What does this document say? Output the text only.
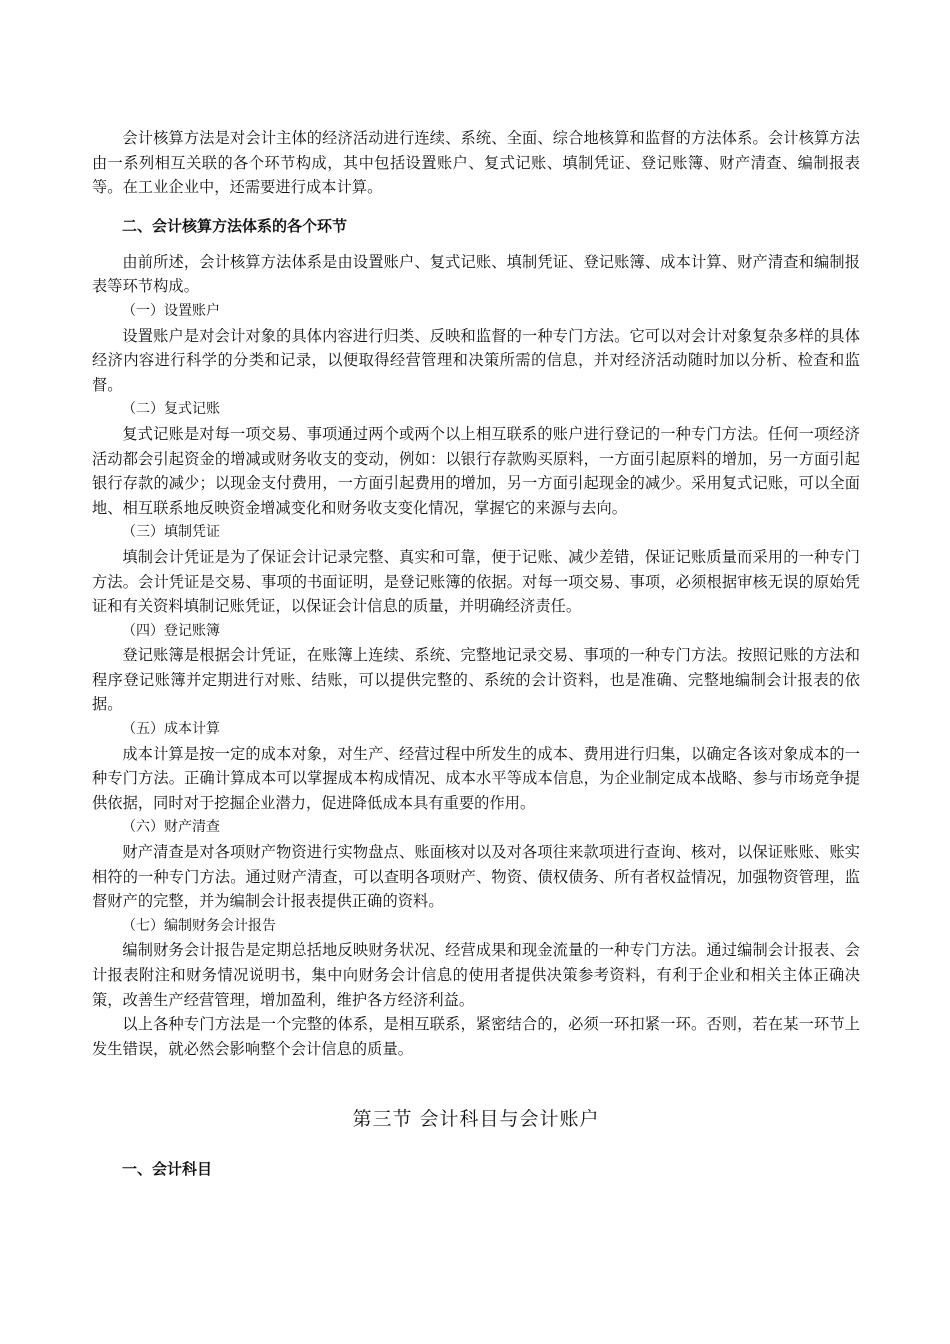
会计核算方法是对会计主体的经济活动进行连续、系统、全面、综合地核算和监督的方法体系。会计核算方法由一系列相互关联的各个环节构成，其中包括设置账户、复式记账、填制凭证、登记账簿、财产清查、编制报表等。在工业企业中，还需要进行成本计算。

二、会计核算方法体系的各个环节

由前所述，会计核算方法体系是由设置账户、复式记账、填制凭证、登记账簿、成本计算、财产清查和编制报表等环节构成。

（一）设置账户

设置账户是对会计对象的具体内容进行归类、反映和监督的一种专门方法。它可以对会计对象复杂多样的具体经济内容进行科学的分类和记录，以便取得经营管理和决策所需的信息，并对经济活动随时加以分析、检查和监督。

（二）复式记账

复式记账是对每一项交易、事项通过两个或两个以上相互联系的账户进行登记的一种专门方法。任何一项经济活动都会引起资金的增减或财务收支的变动，例如：以银行存款购买原料，一方面引起原料的增加，另一方面引起银行存款的减少；以现金支付费用，一方面引起费用的增加，另一方面引起现金的减少。采用复式记账，可以全面地、相互联系地反映资金增减变化和财务收支变化情况，掌握它的来源与去向。

（三）填制凭证

填制会计凭证是为了保证会计记录完整、真实和可靠，便于记账、减少差错，保证记账质量而采用的一种专门方法。会计凭证是交易、事项的书面证明，是登记账簿的依据。对每一项交易、事项，必须根据审核无误的原始凭证和有关资料填制记账凭证，以保证会计信息的质量，并明确经济责任。

（四）登记账簿

登记账簿是根据会计凭证，在账簿上连续、系统、完整地记录交易、事项的一种专门方法。按照记账的方法和程序登记账簿并定期进行对账、结账，可以提供完整的、系统的会计资料，也是准确、完整地编制会计报表的依据。

（五）成本计算

成本计算是按一定的成本对象，对生产、经营过程中所发生的成本、费用进行归集，以确定各该对象成本的一种专门方法。正确计算成本可以掌握成本构成情况、成本水平等成本信息，为企业制定成本战略、参与市场竞争提供依据，同时对于挖掘企业潜力，促进降低成本具有重要的作用。

（六）财产清查

财产清查是对各项财产物资进行实物盘点、账面核对以及对各项往来款项进行查询、核对，以保证账账、账实相符的一种专门方法。通过财产清查，可以查明各项财产、物资、债权债务、所有者权益情况，加强物资管理，监督财产的完整，并为编制会计报表提供正确的资料。

（七）编制财务会计报告

编制财务会计报告是定期总括地反映财务状况、经营成果和现金流量的一种专门方法。通过编制会计报表、会计报表附注和财务情况说明书，集中向财务会计信息的使用者提供决策参考资料，有利于企业和相关主体正确决策，改善生产经营管理，增加盈利，维护各方经济利益。

以上各种专门方法是一个完整的体系，是相互联系，紧密结合的，必须一环扣紧一环。否则，若在某一环节上发生错误，就必然会影响整个会计信息的质量。

第三节 会计科目与会计账户
一、会计科目
